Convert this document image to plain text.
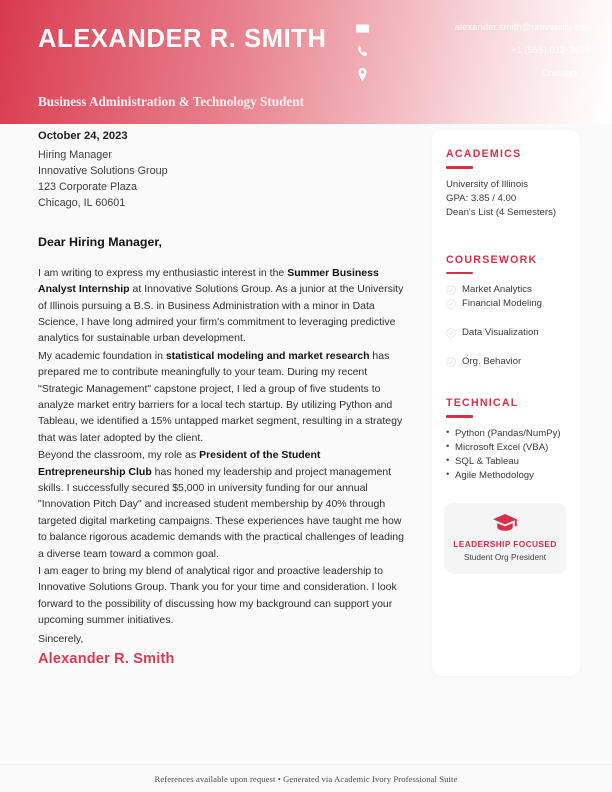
ALEXANDER R. SMITH
Business Administration & Technology Student
alexander.smith@university.edu
+1 (555) 012-3456
Chicago, IL
October 24, 2023
Hiring Manager
Innovative Solutions Group
123 Corporate Plaza
Chicago, IL 60601
Dear Hiring Manager,
I am writing to express my enthusiastic interest in the Summer Business Analyst Internship at Innovative Solutions Group. As a junior at the University of Illinois pursuing a B.S. in Business Administration with a minor in Data Science, I have long admired your firm's commitment to leveraging predictive analytics for sustainable urban development.
My academic foundation in statistical modeling and market research has prepared me to contribute meaningfully to your team. During my recent "Strategic Management" capstone project, I led a group of five students to analyze market entry barriers for a local tech startup. By utilizing Python and Tableau, we identified a 15% untapped market segment, resulting in a strategy that was later adopted by the client.
Beyond the classroom, my role as President of the Student Entrepreneurship Club has honed my leadership and project management skills. I successfully secured $5,000 in university funding for our annual "Innovation Pitch Day" and increased student membership by 40% through targeted digital marketing campaigns. These experiences have taught me how to balance rigorous academic demands with the practical challenges of leading a diverse team toward a common goal.
I am eager to bring my blend of analytical rigor and proactive leadership to Innovative Solutions Group. Thank you for your time and consideration. I look forward to the possibility of discussing how my background can support your upcoming summer initiatives.
Sincerely,
Alexander R. Smith
ACADEMICS
University of Illinois
GPA: 3.85 / 4.00
Dean's List (4 Semesters)
COURSEWORK
Market Analytics
Financial Modeling
Data Visualization
Org. Behavior
TECHNICAL
• Python (Pandas/NumPy)
• Microsoft Excel (VBA)
• SQL & Tableau
• Agile Methodology
LEADERSHIP FOCUSED
Student Org President
References available upon request • Generated via Academic Ivory Professional Suite
